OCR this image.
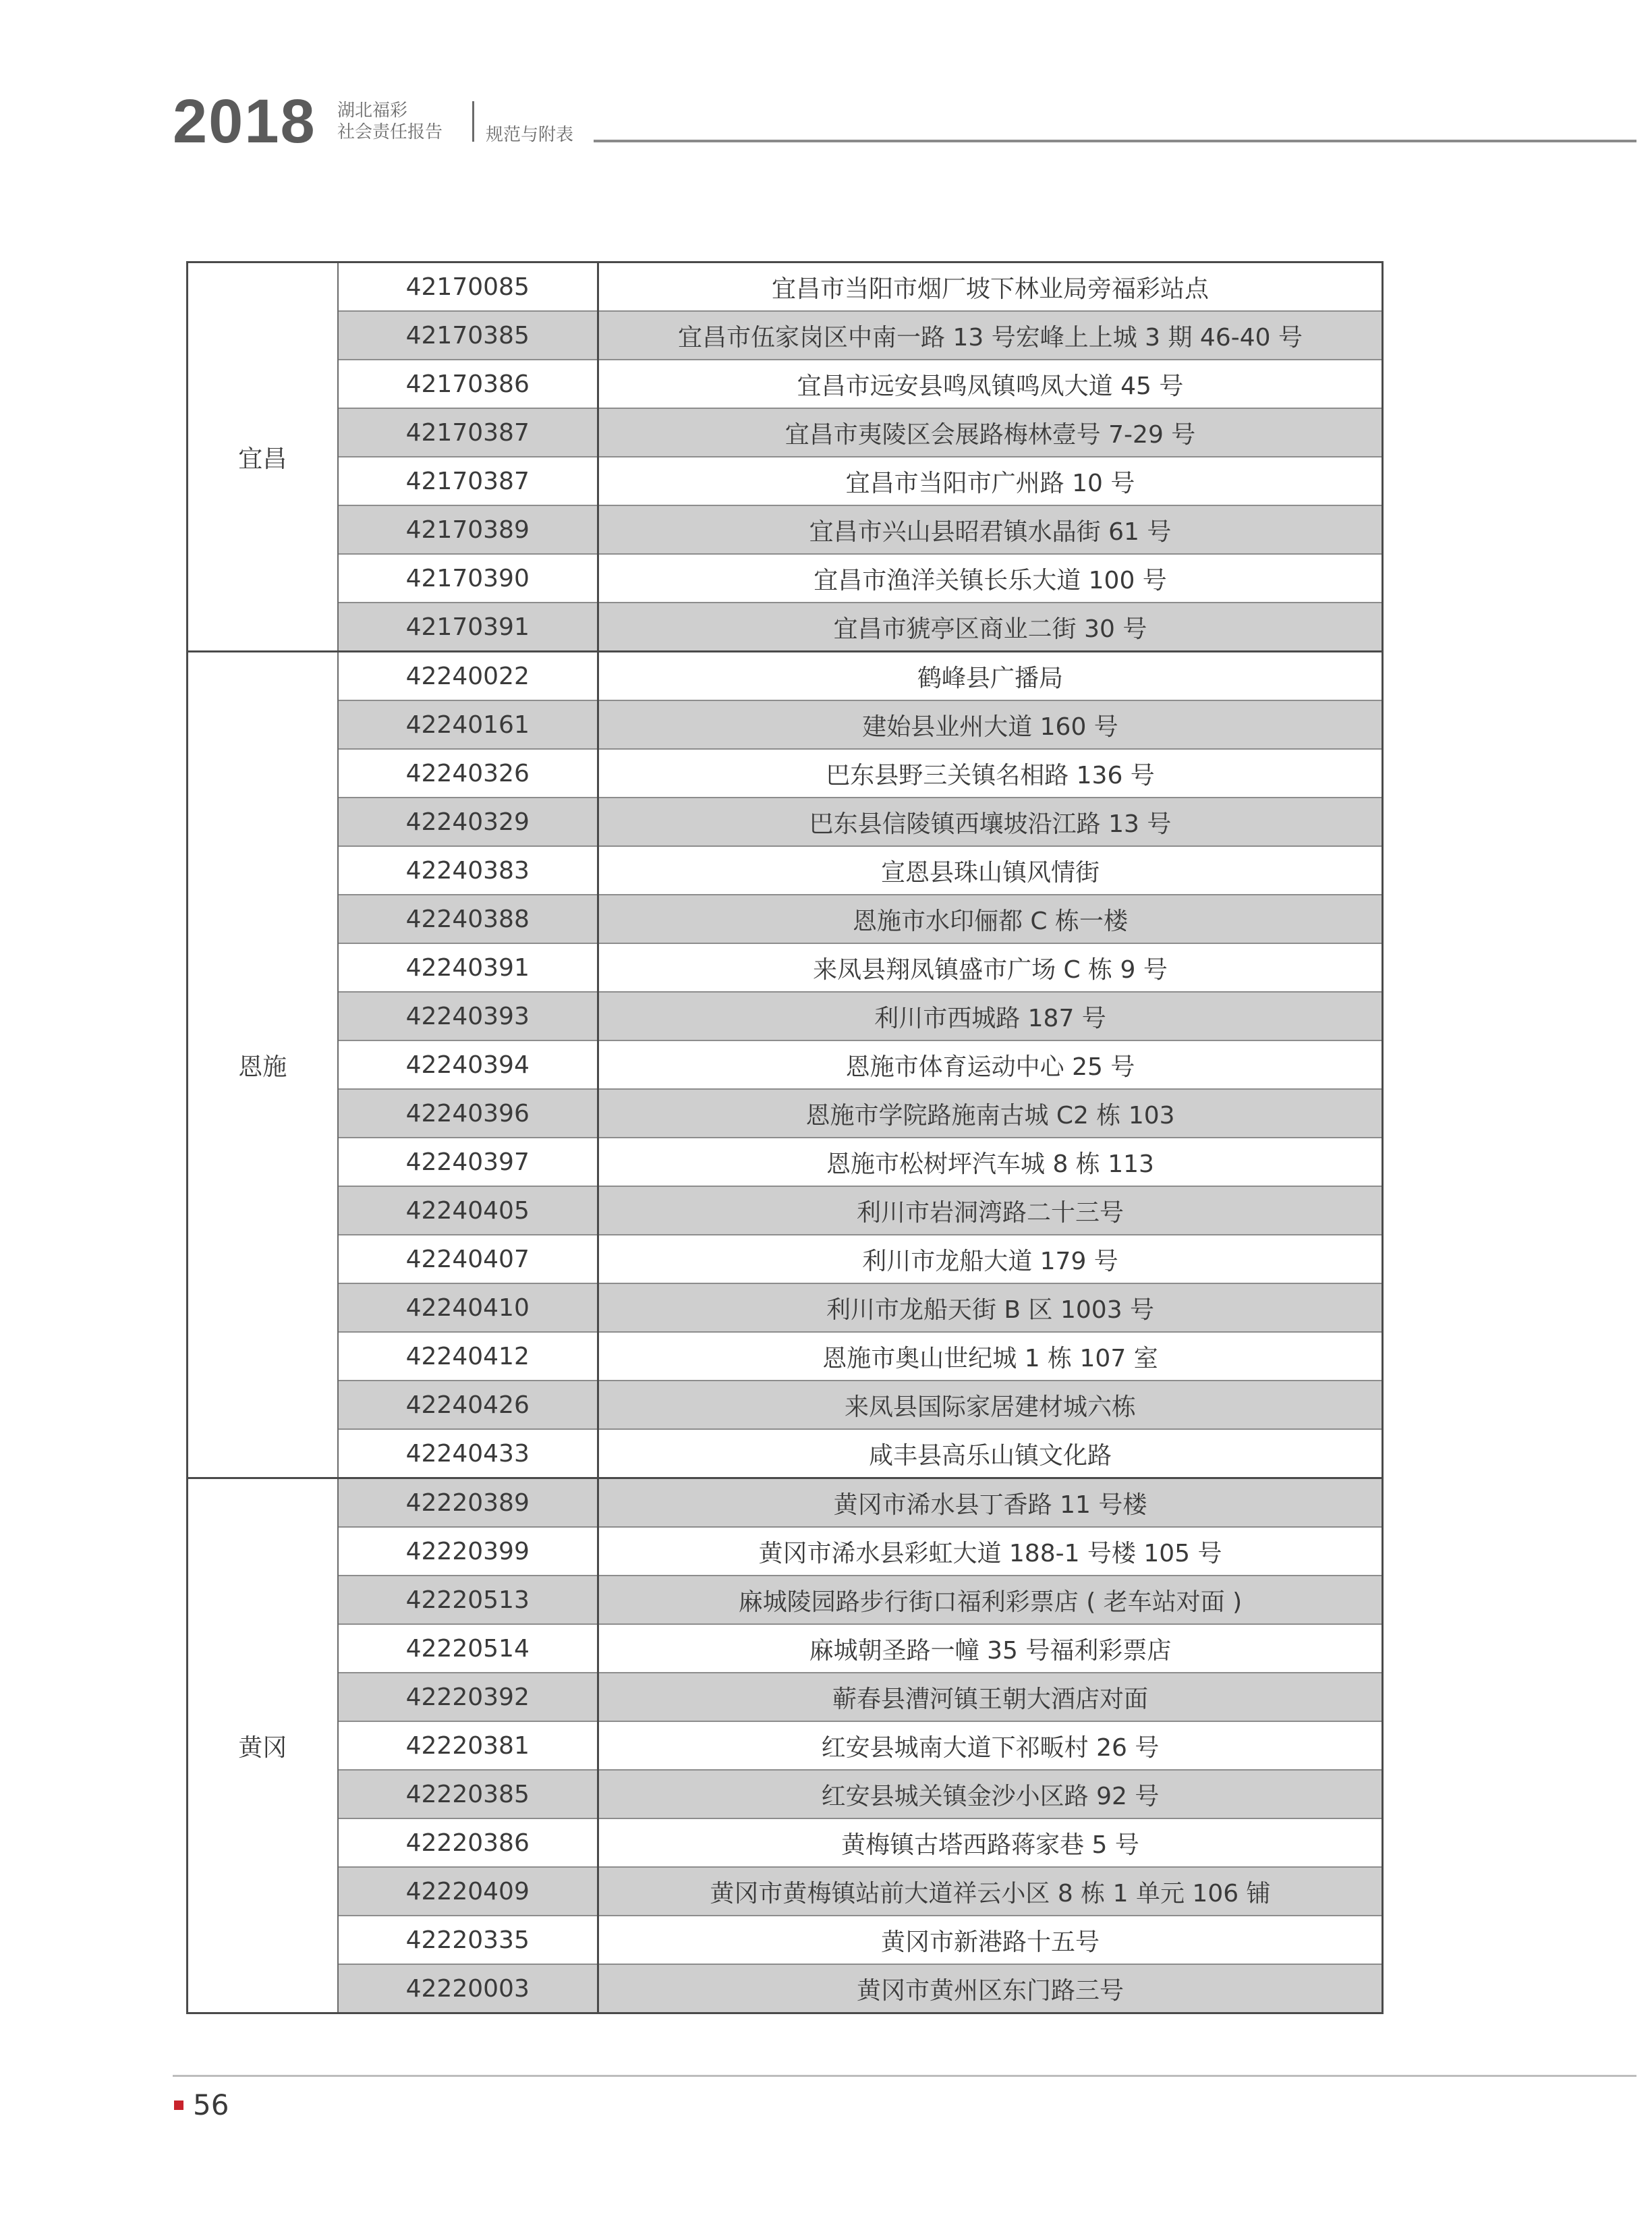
2018 湖北福彩
社会责任报告 规范与附表
宜昌	42170085	宜昌市当阳市烟厂坡下林业局旁福彩站点
	42170385	宜昌市伍家岗区中南一路 13 号宏峰上上城 3 期 46-40 号
	42170386	宜昌市远安县鸣凤镇鸣凤大道 45 号
	42170387	宜昌市夷陵区会展路梅林壹号 7-29 号
	42170387	宜昌市当阳市广州路 10 号
	42170389	宜昌市兴山县昭君镇水晶街 61 号
	42170390	宜昌市渔洋关镇长乐大道 100 号
	42170391	宜昌市猇亭区商业二街 30 号
恩施	42240022	鹤峰县广播局
	42240161	建始县业州大道 160 号
	42240326	巴东县野三关镇名相路 136 号
	42240329	巴东县信陵镇西壤坡沿江路 13 号
	42240383	宣恩县珠山镇风情街
	42240388	恩施市水印俪都 C 栋一楼
	42240391	来凤县翔凤镇盛市广场 C 栋 9 号
	42240393	利川市西城路 187 号
	42240394	恩施市体育运动中心 25 号
	42240396	恩施市学院路施南古城 C2 栋 103
	42240397	恩施市松树坪汽车城 8 栋 113
	42240405	利川市岩洞湾路二十三号
	42240407	利川市龙船大道 179 号
	42240410	利川市龙船天街 B 区 1003 号
	42240412	恩施市奥山世纪城 1 栋 107 室
	42240426	来凤县国际家居建材城六栋
	42240433	咸丰县高乐山镇文化路
黄冈	42220389	黄冈市浠水县丁香路 11 号楼
	42220399	黄冈市浠水县彩虹大道 188-1 号楼 105 号
	42220513	麻城陵园路步行街口福利彩票店 ( 老车站对面 )
	42220514	麻城朝圣路一幢 35 号福利彩票店
	42220392	蕲春县漕河镇王朝大酒店对面
	42220381	红安县城南大道下祁畈村 26 号
	42220385	红安县城关镇金沙小区路 92 号
	42220386	黄梅镇古塔西路蒋家巷 5 号
	42220409	黄冈市黄梅镇站前大道祥云小区 8 栋 1 单元 106 铺
	42220335	黄冈市新港路十五号
	42220003	黄冈市黄州区东门路三号
56
